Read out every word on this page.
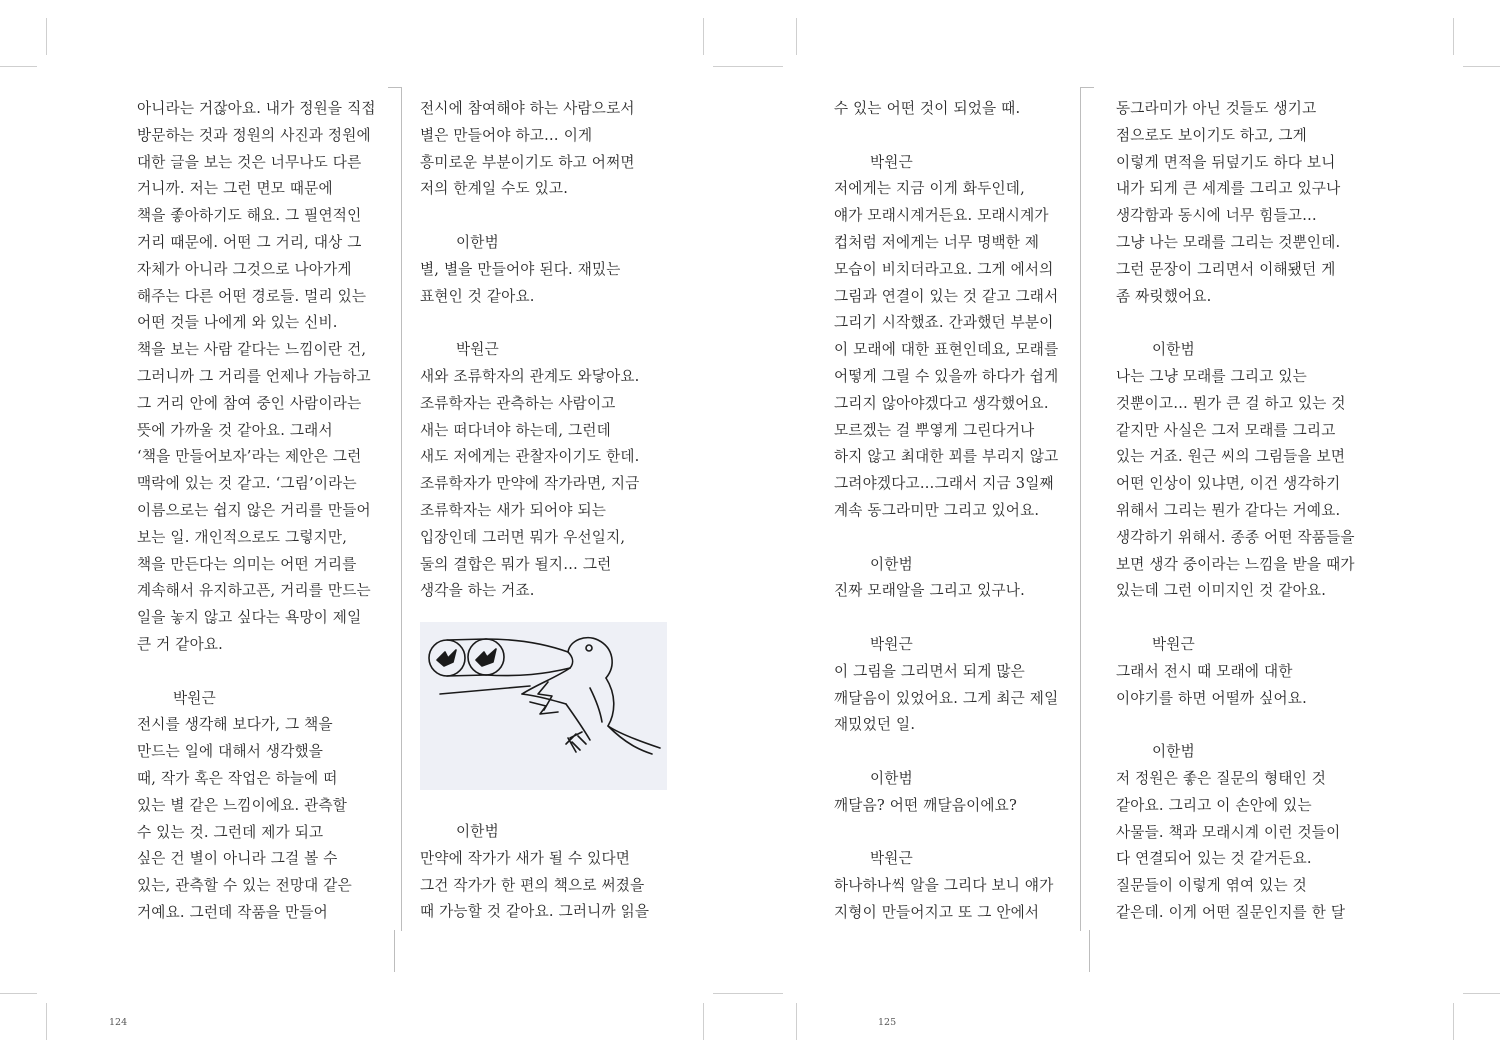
아니라는 거잖아요. 내가 정원을 직접
방문하는 것과 정원의 사진과 정원에
대한 글을 보는 것은 너무나도 다른
거니까. 저는 그런 면모 때문에
책을 좋아하기도 해요. 그 필연적인
거리 때문에. 어떤 그 거리, 대상 그
자체가 아니라 그것으로 나아가게
해주는 다른 어떤 경로들. 멀리 있는
어떤 것들 나에게 와 있는 신비.
책을 보는 사람 같다는 느낌이란 건,
그러니까 그 거리를 언제나 가늠하고
그 거리 안에 참여 중인 사람이라는
뜻에 가까울 것 같아요. 그래서
‘책을 만들어보자’라는 제안은 그런
맥락에 있는 것 같고. ‘그림’이라는
이름으로는 쉽지 않은 거리를 만들어
보는 일. 개인적으로도 그렇지만,
책을 만든다는 의미는 어떤 거리를
계속해서 유지하고픈, 거리를 만드는
일을 놓지 않고 싶다는 욕망이 제일
큰 거 같아요.
박원근
전시를 생각해 보다가, 그 책을
만드는 일에 대해서 생각했을
때, 작가 혹은 작업은 하늘에 떠
있는 별 같은 느낌이에요. 관측할
수 있는 것. 그런데 제가 되고
싶은 건 별이 아니라 그걸 볼 수
있는, 관측할 수 있는 전망대 같은
거예요. 그런데 작품을 만들어
전시에 참여해야 하는 사람으로서
별은 만들어야 하고… 이게
흥미로운 부분이기도 하고 어쩌면
저의 한계일 수도 있고.
이한범
별, 별을 만들어야 된다. 재밌는
표현인 것 같아요.
박원근
새와 조류학자의 관계도 와닿아요.
조류학자는 관측하는 사람이고
새는 떠다녀야 하는데, 그런데
새도 저에게는 관찰자이기도 한데.
조류학자가 만약에 작가라면, 지금
조류학자는 새가 되어야 되는
입장인데 그러면 뭐가 우선일지,
둘의 결합은 뭐가 될지… 그런
생각을 하는 거죠.
이한범
만약에 작가가 새가 될 수 있다면
그건 작가가 한 편의 책으로 써졌을
때 가능할 것 같아요. 그러니까 읽을
124
수 있는 어떤 것이 되었을 때.
박원근
저에게는 지금 이게 화두인데,
얘가 모래시계거든요. 모래시계가
컵처럼 저에게는 너무 명백한 제
모습이 비치더라고요. 그게 에서의
그림과 연결이 있는 것 같고 그래서
그리기 시작했죠. 간과했던 부분이
이 모래에 대한 표현인데요, 모래를
어떻게 그릴 수 있을까 하다가 쉽게
그리지 않아야겠다고 생각했어요.
모르겠는 걸 뿌옇게 그린다거나
하지 않고 최대한 꾀를 부리지 않고
그려야겠다고…그래서 지금 3일째
계속 동그라미만 그리고 있어요.
이한범
진짜 모래알을 그리고 있구나.
박원근
이 그림을 그리면서 되게 많은
깨달음이 있었어요. 그게 최근 제일
재밌었던 일.
이한범
깨달음? 어떤 깨달음이에요?
박원근
하나하나씩 알을 그리다 보니 얘가
지형이 만들어지고 또 그 안에서
동그라미가 아닌 것들도 생기고
점으로도 보이기도 하고, 그게
이렇게 면적을 뒤덮기도 하다 보니
내가 되게 큰 세계를 그리고 있구나
생각함과 동시에 너무 힘들고…
그냥 나는 모래를 그리는 것뿐인데.
그런 문장이 그리면서 이해됐던 게
좀 짜릿했어요.
이한범
나는 그냥 모래를 그리고 있는
것뿐이고… 뭔가 큰 걸 하고 있는 것
같지만 사실은 그저 모래를 그리고
있는 거죠. 원근 씨의 그림들을 보면
어떤 인상이 있냐면, 이건 생각하기
위해서 그리는 뭔가 같다는 거예요.
생각하기 위해서. 종종 어떤 작품들을
보면 생각 중이라는 느낌을 받을 때가
있는데 그런 이미지인 것 같아요.
박원근
그래서 전시 때 모래에 대한
이야기를 하면 어떨까 싶어요.
이한범
저 정원은 좋은 질문의 형태인 것
같아요. 그리고 이 손안에 있는
사물들. 책과 모래시계 이런 것들이
다 연결되어 있는 것 같거든요.
질문들이 이렇게 엮여 있는 것
같은데. 이게 어떤 질문인지를 한 달
125
